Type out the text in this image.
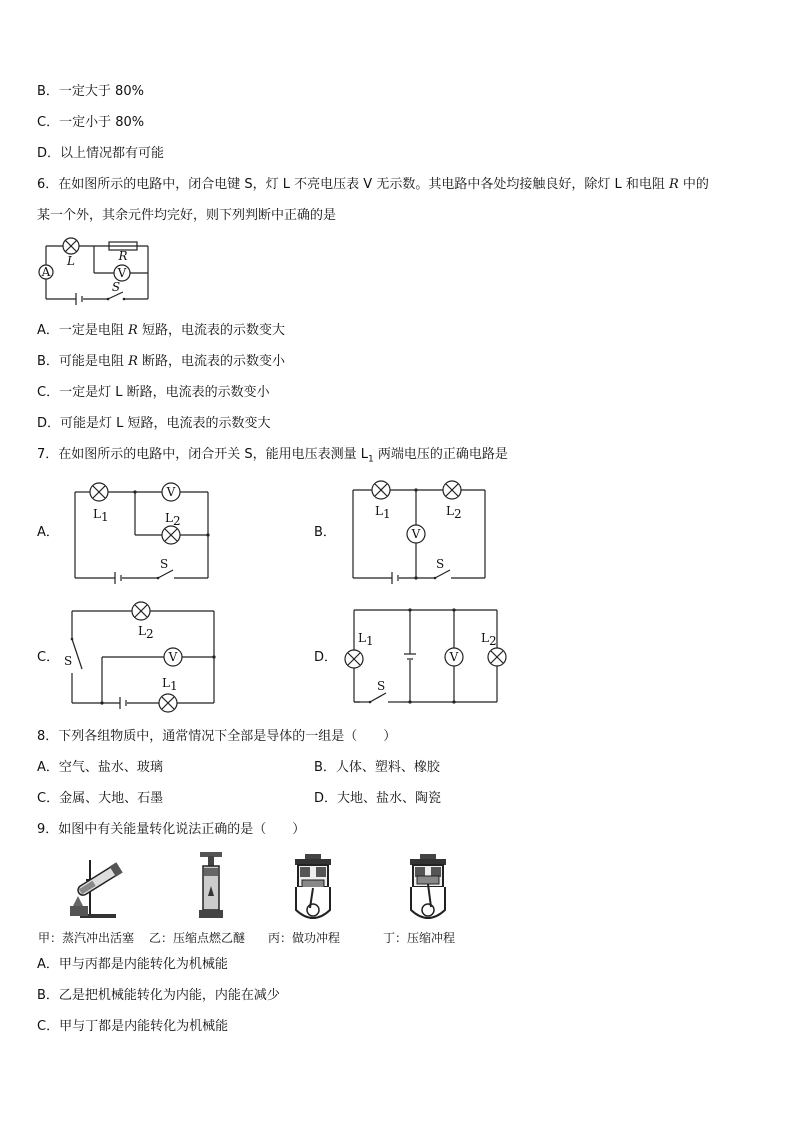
B．一定大于 80%
C．一定小于 80%
D．以上情况都有可能
6．在如图所示的电路中，闭合电键 S，灯 L 不亮电压表 V 无示数。其电路中各处均接触良好，除灯 L 和电阻 R 中的
某一个外，其余元件均完好，则下列判断中正确的是
A	V
L	R
S
A．一定是电阻 R 短路，电流表的示数变大
B．可能是电阻 R 断路，电流表的示数变小
C．一定是灯 L 断路，电流表的示数变小
D．可能是灯 L 短路，电流表的示数变大
7．在如图所示的电路中，闭合开关 S，能用电压表测量 $L_1$ 两端电压的正确电路是
A．	B．
C．	D．
V
L 1	L 2
S
V
L 1	L 2
S
V
L 2
L 1
S	V
L 1	L 2
S
8．下列各组物质中，通常情况下全部是导体的一组是（　　）
A．空气、盐水、玻璃	B．人体、塑料、橡胶
C．金属、大地、石墨	D．大地、盐水、陶瓷
9．如图中有关能量转化说法正确的是（　　）
甲：蒸汽冲出活塞 乙：压缩点燃乙醚 丙：做功冲程	丁：压缩冲程
A．甲与丙都是内能转化为机械能
B．乙是把机械能转化为内能，内能在减少
C．甲与丁都是内能转化为机械能
